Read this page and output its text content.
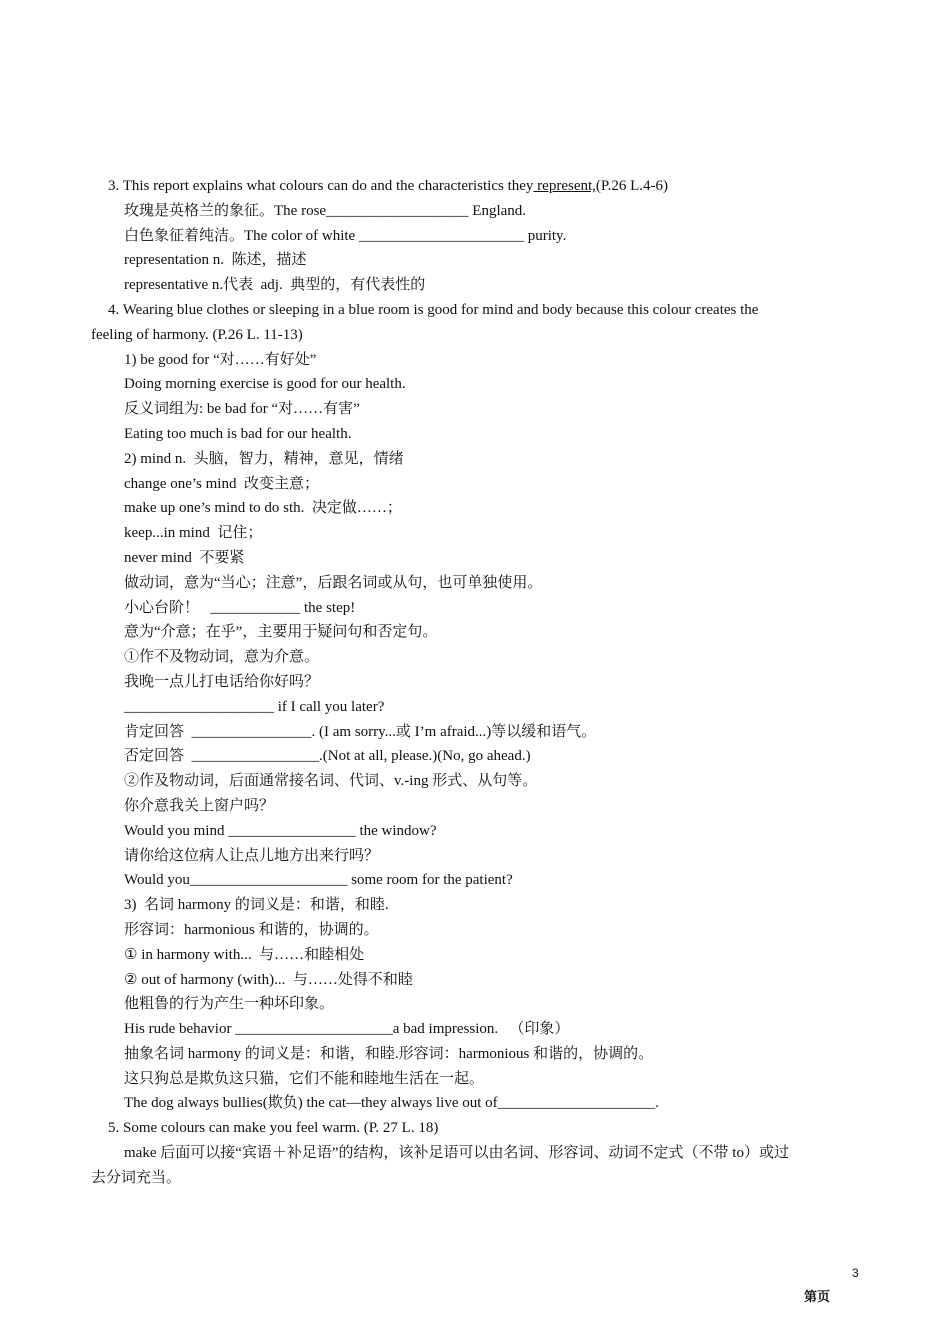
3. This report explains what colours can do and the characteristics they represent,(P.26 L.4-6)
玫瑰是英格兰的象征。The rose___________________ England.
白色象征着纯洁。The color of white ______________________ purity.
representation n.  陈述，描述
representative n.代表  adj.  典型的，有代表性的
4. Wearing blue clothes or sleeping in a blue room is good for mind and body because this colour creates the
feeling of harmony. (P.26 L. 11-13)
1) be good for “对……有好处”
Doing morning exercise is good for our health.
反义词组为: be bad for “对……有害”
Eating too much is bad for our health.
2) mind n.  头脑，智力，精神，意见，情绪
change one’s mind  改变主意；
make up one’s mind to do sth.  决定做……；
keep...in mind  记住；
never mind  不要紧
做动词，意为“当心；注意”，后跟名词或从句，也可单独使用。
小心台阶！   ____________ the step!
意为“介意；在乎”，主要用于疑问句和否定句。
①作不及物动词，意为介意。
我晚一点儿打电话给你好吗？
____________________ if I call you later?
肯定回答  ________________. (I am sorry...或 I’m afraid...)等以缓和语气。
否定回答  _________________.(Not at all, please.)(No, go ahead.)
②作及物动词，后面通常接名词、代词、v.-ing 形式、从句等。
你介意我关上窗户吗？
Would you mind _________________ the window?
请你给这位病人让点儿地方出来行吗？
Would you_____________________ some room for the patient?
3)  名词 harmony 的词义是：和谐，和睦.
形容词：harmonious 和谐的，协调的。
① in harmony with...  与……和睦相处
② out of harmony (with)...  与……处得不和睦
他粗鲁的行为产生一种坏印象。
His rude behavior _____________________a bad impression.   （印象）
抽象名词 harmony 的词义是：和谐，和睦.形容词：harmonious 和谐的，协调的。
这只狗总是欺负这只猫，它们不能和睦地生活在一起。
The dog always bullies(欺负) the cat—they always live out of_____________________.
5. Some colours can make you feel warm. (P. 27 L. 18)
make 后面可以接“宾语＋补足语”的结构，该补足语可以由名词、形容词、动词不定式（不带 to）或过
去分词充当。
3
第页
